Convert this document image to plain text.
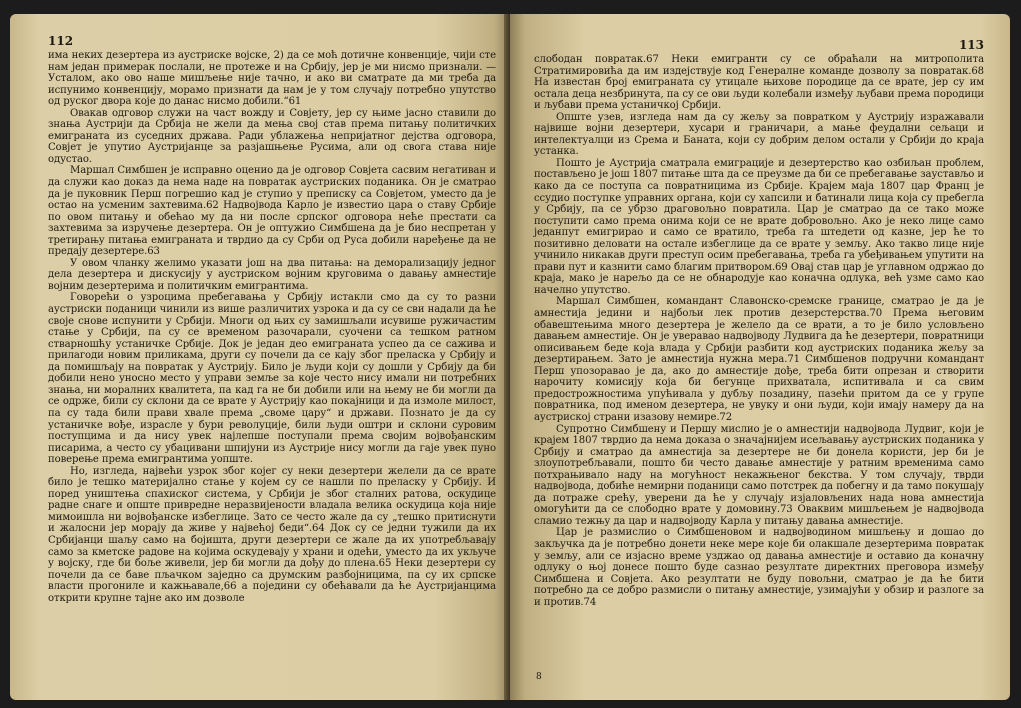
112

има неких дезертера из аустриске војске, 2) да се моћ дотичне конвенције, чији сте нам један примерак послали, не протеже и на Србију, јер је ми нисмо признали. — Усталом, ако ово наше мишљење није тачно, и ако ви сматрате да ми треба да испунимо конвенцију, морамо признати да нам је у том случају потребно упутство од руског двора које до данас нисмо добили.“61

Овакав одговор служи на част вожду и Совјету, јер су њиме јасно ставили до знања Аустрији да Србија не жели да мења свој став према питању политичких емиграната из суседних држава. Ради ублажења непријатног дејства одговора, Совјет је упутио Аустријанце за разјашњење Русима, али од свога става није одустао.

Маршал Симбшен је исправно оценио да је одговор Совјета сасвим негативан и да служи као доказ да нема наде на повратак аустриских поданика. Он је сматрао да је пуковник Перш погрешио кад је ступио у преписку са Совјетом, уместо да је остао на усменим захтевима.62 Надвојвода Карло је известио цара о ставу Србије по овом питању и обећао му да ни после српског одговора неће престати са захтевима за изручење дезертера. Он је оптужио Симбшена да је био неспретан у третирању питања емиграната и тврдио да су Срби од Руса добили наређење да не предају дезертере.63

У овом чланку желимо указати још на два питања: на деморализацију једног дела дезертера и дискусију у аустриском војним круговима о давању амнестије војним дезертерима и политичким емигрантима.

Говорећи о узроцима пребегавања у Србију истакли смо да су то разни аустриски поданици чинили из више различитих узрока и да су се сви надали да ће своје снове испунити у Србији. Многи од њих су замишљали исувише ружичастим стање у Србији, па су се временом разочарали, суочени са тешком ратном стварношћу устаничке Србије. Док је један део емиграната успео да се сажива и прилагоди новим приликама, други су почели да се кају због преласка у Србију и да помишљају на повратак у Аустрију. Било је људи који су дошли у Србију да би добили нено уносно место у управи земље за које често нису имали ни потребних знања, ни моралних квалитета, па кад га не би добили или на њему не би могли да се одрже, били су склони да се врате у Аустрију као покајници и да измоле милост, па су тада били прави хвале према „своме цару“ и држави. Познато је да су устаничке вође, израсле у бури револуције, били људи оштри и склони суровим поступцима и да нису увек најлепше поступали према својим војвођанским писарима, а често су убацивани шпијуни из Аустрије нису могли да гаје увек пуно поверење према емигрантима уопште.

Но, изгледа, највећи узрок због којег су неки дезертери желели да се врате било је тешко материјално стање у којем су се нашли по преласку у Србију. И поред уништења спахиског система, у Србији је због сталних ратова, оскудице радне снаге и опште привредне неразвијености владала велика оскудица која није мимоишла ни војвођанске избеглице. Зато се често жале да су „тешко притиснути и жалосни јер морају да живе у највећој беди“.64 Док су се једни тужили да их Србијанци шаљу само на бојишта, други дезертери се жале да их употребљавају само за кметске радове на којима оскудевају у храни и одећи, уместо да их укључе у војску, где би боље живели, јер би могли да дођу до плена.65 Неки дезертери су почели да се баве пљачком заједно са друмским разбојницима, па су их српске власти прогониле и кажњавале,66 а поједини су обећавали да ће Аустријанцима открити крупне тајне ако им дозволе

113

слободан повратак.67 Неки емигранти су се обраћали на митрополита Стратимировића да им издејствује код Генералне команде дозволу за повратак.68 На известан број емиграната су утицале њихове породице да се врате, јер су им остала деца незбринута, па су се ови људи колебали између љубави према породици и љубави према устаничкој Србији.

Опште узев, изгледа нам да су жељу за повратком у Аустрију изражавали највише војни дезертери, хусари и граничари, а мање феудални сељаци и интелектуалци из Срема и Баната, који су добрим делом остали у Србији до краја устанка.

Пошто је Аустрија сматрала емиграције и дезертерство као озбиљан проблем, постављено је још 1807 питање шта да се преузме да би се пребегавање заустављо и како да се поступа са повратницима из Србије. Крајем маја 1807 цар Франц је ссудио поступке управних органа, који су хапсили и батинали лица која су пребегла у Србију, па се убрзо драговољно повратила. Цар је сматрао да се тако може поступити само према онима који се не врате добровољно. Ако је неко лице само једанпут емигрирао и само се вратило, треба га штедети од казне, јер ће то позитивно деловати на остале избеглице да се врате у земљу. Ако такво лице није учинило никакав други преступ осим пребегавања, треба га убеђивањем упутити на прави пут и казнити само благим притвором.69 Овај став цар је углавном одржао до краја, мако је нарељо да се не обнародује као коначна одлука, већ узме само као начелно упутство.

Маршал Симбшен, командант Славонско-сремске границе, сматрао је да је амнестија једини и најбољи лек против дезерстерства.70 Према његовим обавештењима много дезертера је желело да се врати, а то је било условљено давањем амнестије. Он је уверавао надвојводу Лудвига да ће дезертери, повратници описивањем беде којa влада у Србији разбити код аустриских поданика жељу за дезертирањем. Зато је амнестија нужна мера.71 Симбшенов подручни командант Перш упозоравао је да, ако до амнестије дође, треба бити опрезан и створити нарочиту комисију која би бегунце прихватала, испитивала и са свим предострожностима упућивала у дубљу позадину, пазећи притом да се у групе повратника, под именом дезертера, не увуку и они људи, који имају намеру да на аустриској страни изазову немире.72

Супротно Симбшену и Першу мислио је о амнестији надвојвода Лудвиг, који је крајем 1807 тврдио да нема доказа о значајнијем исељавању аустриских поданика у Србију и сматрао да амнестија за дезертере не би донела користи, јер би је злоупотребљавали, пошто би често давање амнестије у ратним временима само потхрањивало наду на могућност некажњеног бекства. У том случају, тврди надвојвода, добиће немирни поданици само потстрек да побегну и да тамо покушају да потраже срећу, уверени да ће у случају изјаловљених нада нова амнестија омогућити да се слободно врате у домовину.73 Оваквим мишљењем је надвојвода сламио тежњу да цар и надвојводу Карла у питању давања амнестије.

Цар је размислио о Симбшеновом и надвојводином мишљењу и дошао до закључка да је потребно донети неке мере које би олакшале дезертерима повратак у земљу, али се изјасно време узджао од давања амнестије и оставио да коначну одлуку о њој донесе пошто буде сазнао резултате директних преговора између Симбшена и Совјета. Ако резултати не буду повољни, сматрао је да ће бити потребно да се добро размисли о питању амнестије, узимајући у обзир и разлоге за и против.74

8
